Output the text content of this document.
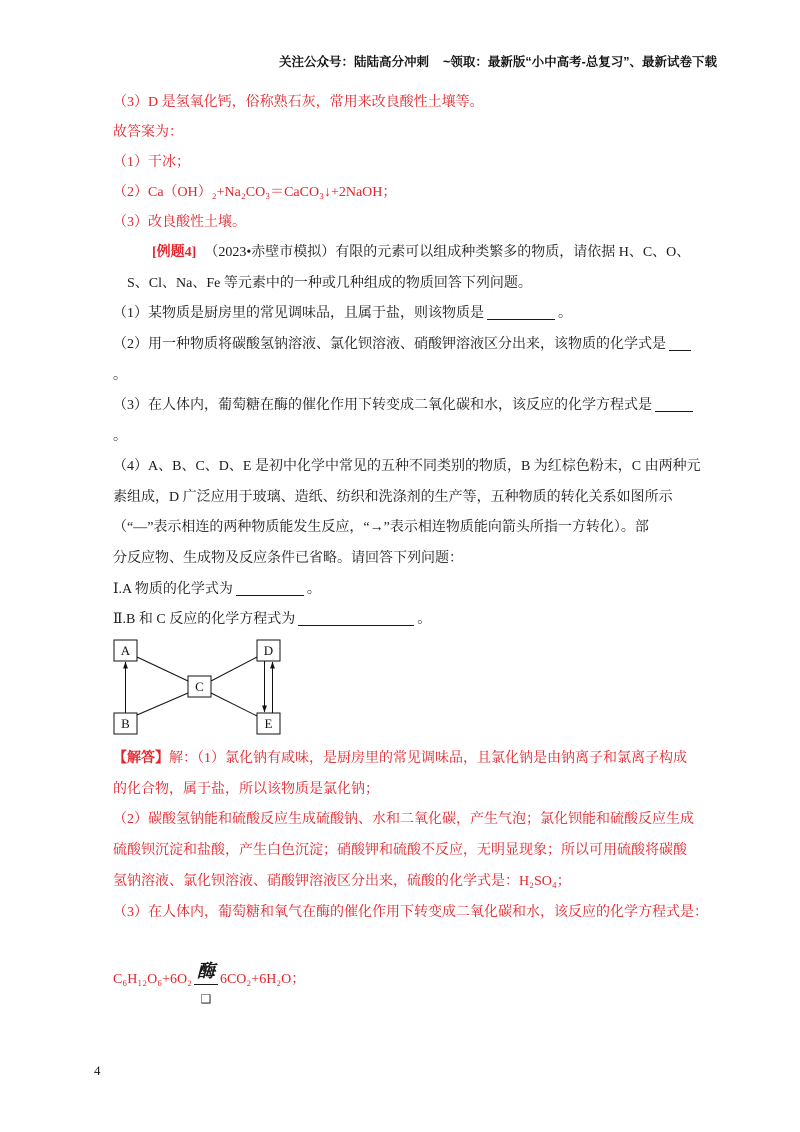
关注公众号：陆陆高分冲刺 ~领取：最新版“小中高考-总复习”、最新试卷下载
（3）D 是氢氧化钙，俗称熟石灰，常用来改良酸性土壤等。
故答案为：
（1）干冰；
（2）Ca（OH）₂+Na₂CO₃＝CaCO₃↓+2NaOH；
（3）改良酸性土壤。
[例题4] （2023•赤壁市模拟）有限的元素可以组成种类繁多的物质，请依据 H、C、O、
S、Cl、Na、Fe 等元素中的一种或几种组成的物质回答下列问题。
（1）某物质是厨房里的常见调味品，且属于盐，则该物质是	。
（2）用一种物质将碳酸氢钠溶液、氯化钡溶液、硝酸钾溶液区分出来，该物质的化学式是
。
（3）在人体内，葡萄糖在酶的催化作用下转变成二氧化碳和水，该反应的化学方程式是
。
（4）A、B、C、D、E 是初中化学中常见的五种不同类别的物质，B 为红棕色粉末，C 由两种元
素组成，D 广泛应用于玻璃、造纸、纺织和洗涤剂的生产等，五种物质的转化关系如图所示
（“—”表示相连的两种物质能发生反应，“→”表示相连物质能向箭头所指一方转化）。部
分反应物、生成物及反应条件已省略。请回答下列问题：
Ⅰ.A 物质的化学式为	。
Ⅱ.B 和 C 反应的化学方程式为	。
A	D
C
B	E
【解答】解：（1）氯化钠有咸味，是厨房里的常见调味品，且氯化钠是由钠离子和氯离子构成
的化合物，属于盐，所以该物质是氯化钠；
（2）碳酸氢钠能和硫酸反应生成硫酸钠、水和二氧化碳，产生气泡；氯化钡能和硫酸反应生成
硫酸钡沉淀和盐酸，产生白色沉淀；硝酸钾和硫酸不反应，无明显现象；所以可用硫酸将碳酸
氢钠溶液、氯化钡溶液、硝酸钾溶液区分出来，硫酸的化学式是：H₂SO₄；
（3）在人体内，葡萄糖和氧气在酶的催化作用下转变成二氧化碳和水，该反应的化学方程式是：
C₆H₁₂O₆+6O₂ 酶
❑
6CO₂+6H₂O；
4
